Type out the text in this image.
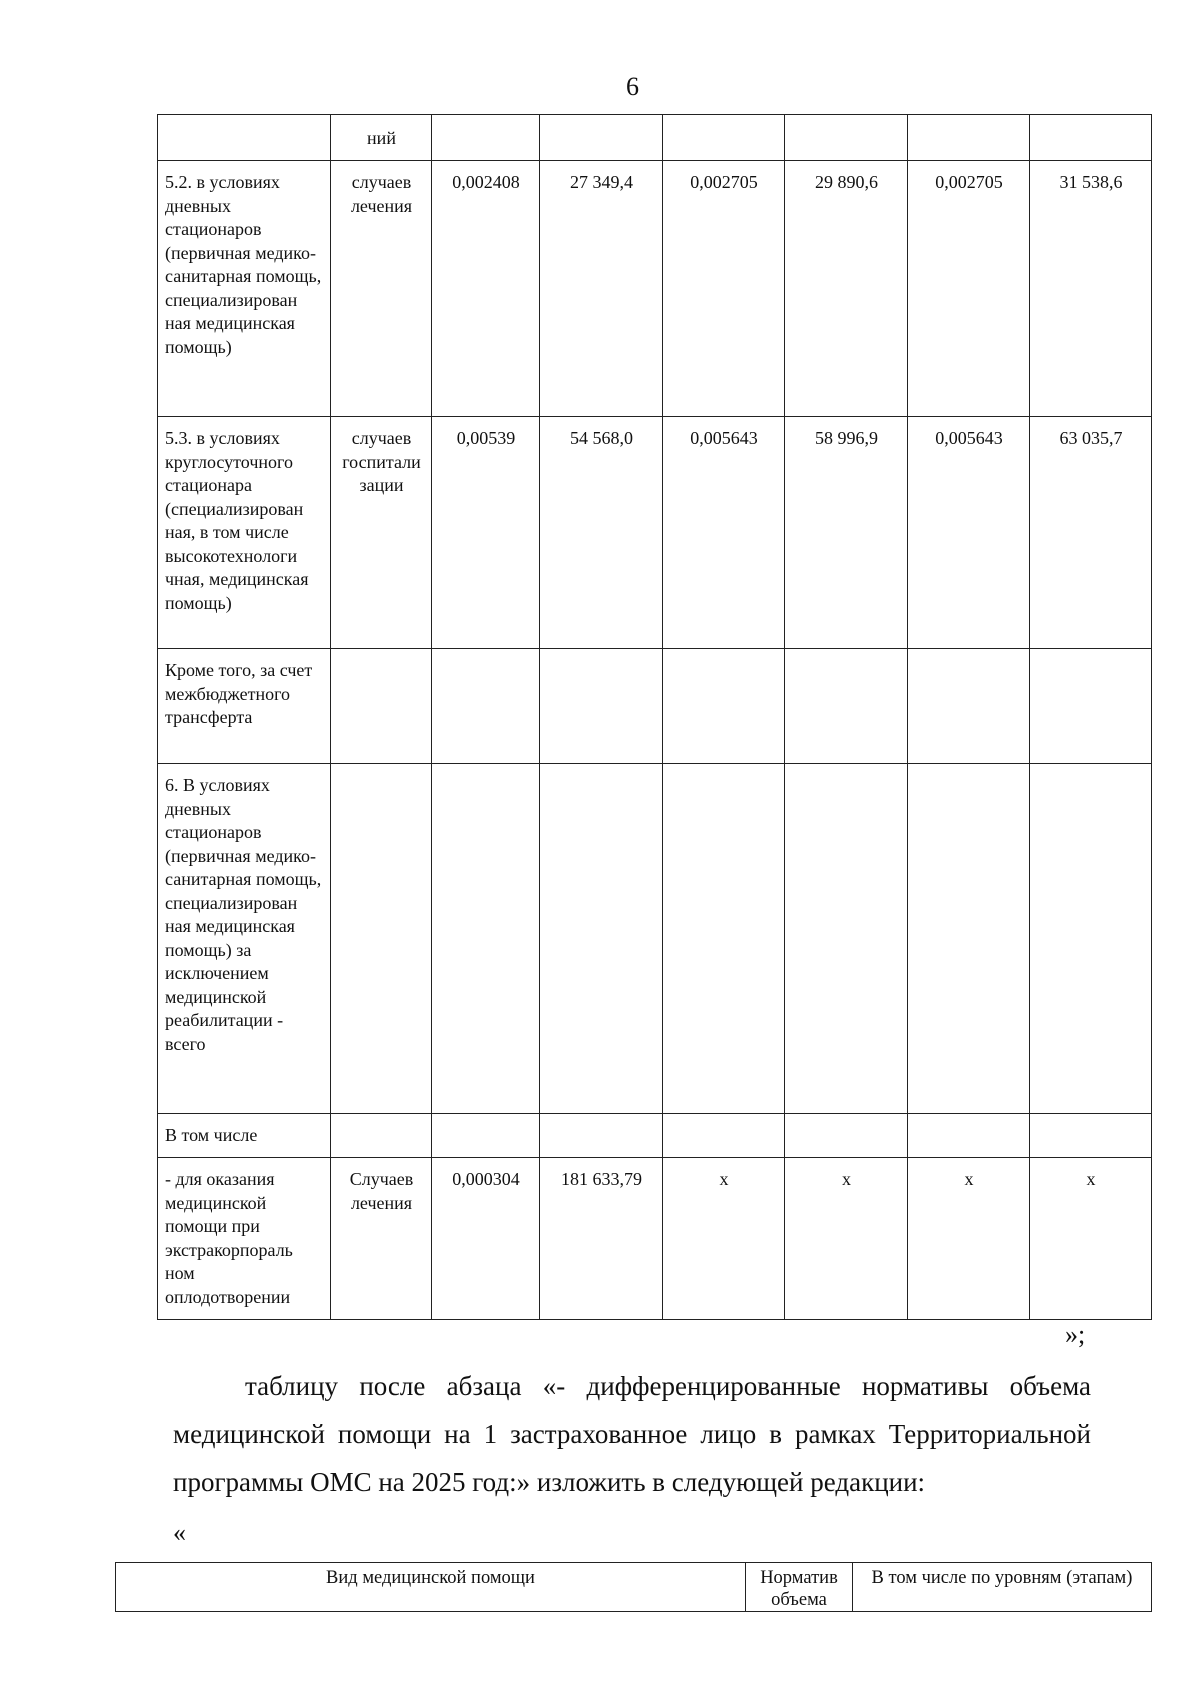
6
	ний						
5.2. в условиях дневных стационаров (первичная медико-санитарная помощь, специализирован ная медицинская помощь)	случаев лечения	0,002408	27 349,4	0,002705	29 890,6	0,002705	31 538,6
5.3. в условиях круглосуточного стационара (специализирован ная, в том числе высокотехнологи чная, медицинская помощь)	случаев госпитали зации	0,00539	54 568,0	0,005643	58 996,9	0,005643	63 035,7
Кроме того, за счет межбюджетного трансферта							
6. В условиях дневных стационаров (первичная медико-санитарная помощь, специализирован ная медицинская помощь) за исключением медицинской реабилитации - всего							
В том числе							
- для оказания медицинской помощи при экстракорпораль ном оплодотворении	Случаев лечения	0,000304	181 633,79	х	х	х	х
»;
таблицу после абзаца «- дифференцированные нормативы объема медицинской помощи на 1 застрахованное лицо в рамках Территориальной программы ОМС на 2025 год:» изложить в следующей редакции:
«
Вид медицинской помощи	Норматив объема	В том числе по уровням (этапам)
